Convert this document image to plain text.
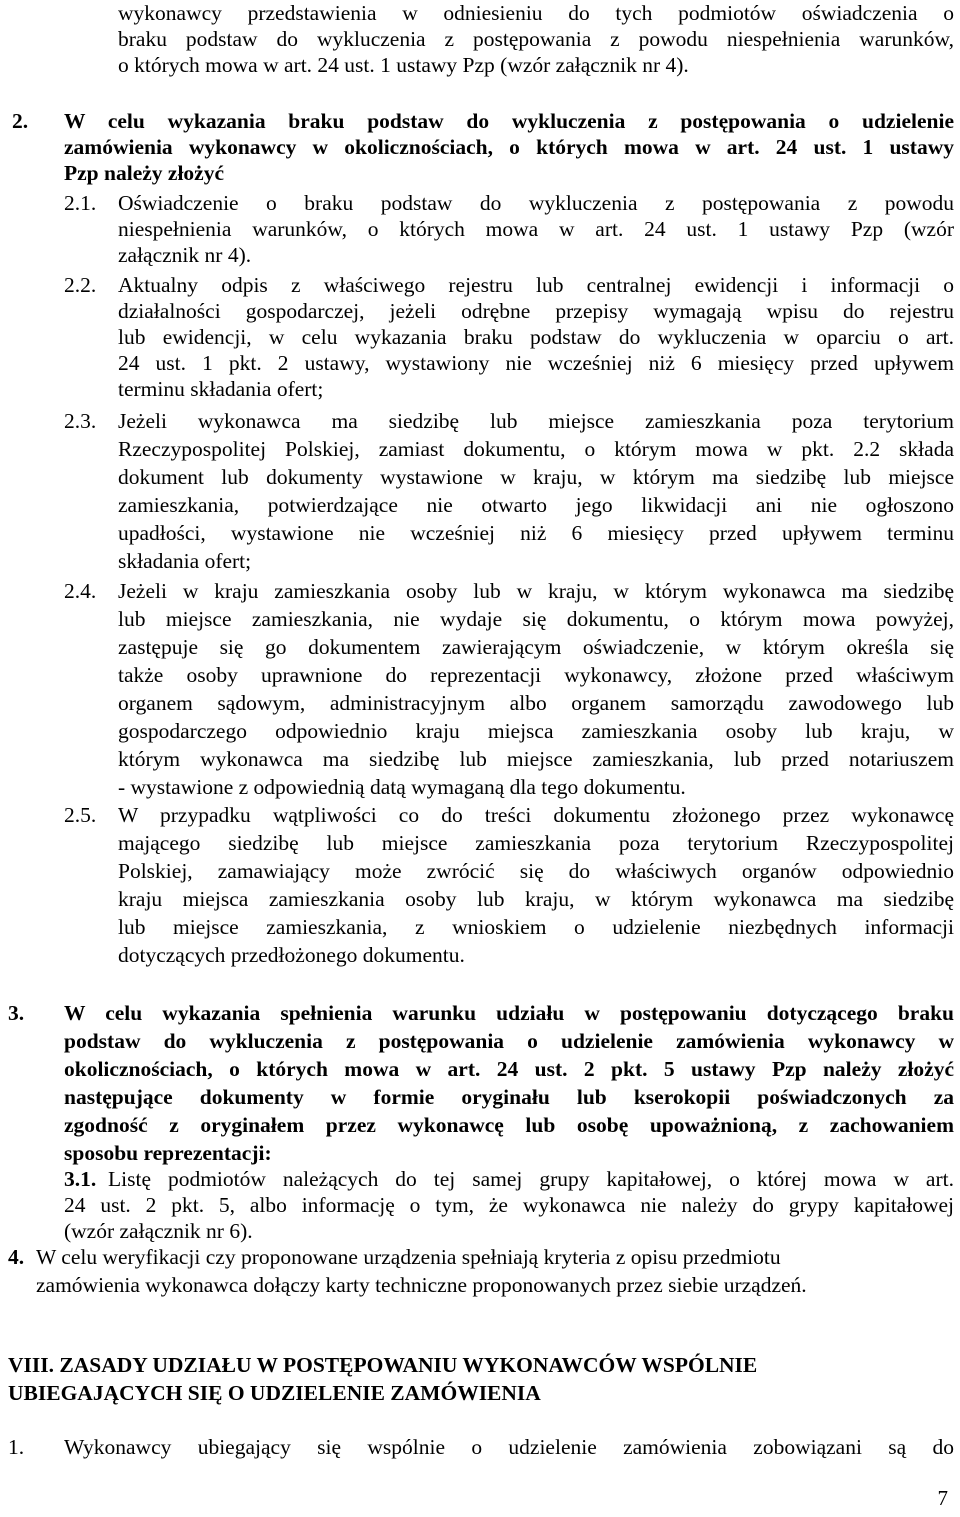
wykonawcy przedstawienia w odniesieniu do tych podmiotów oświadczenia o
braku podstaw do wykluczenia z postępowania z powodu niespełnienia warunków,
o których mowa w art. 24 ust. 1 ustawy Pzp (wzór załącznik nr 4).
2. W celu wykazania braku podstaw do wykluczenia z postępowania o udzielenie
zamówienia wykonawcy w okolicznościach, o których mowa w art. 24 ust. 1 ustawy
Pzp należy złożyć
2.1. Oświadczenie o braku podstaw do wykluczenia z postępowania z powodu
niespełnienia warunków, o których mowa w art. 24 ust. 1 ustawy Pzp (wzór
załącznik nr 4).
2.2. Aktualny odpis z właściwego rejestru lub centralnej ewidencji i informacji o
działalności gospodarczej, jeżeli odrębne przepisy wymagają wpisu do rejestru
lub ewidencji, w celu wykazania braku podstaw do wykluczenia w oparciu o art.
24 ust. 1 pkt. 2 ustawy, wystawiony nie wcześniej niż 6 miesięcy przed upływem
terminu składania ofert;
2.3. Jeżeli wykonawca ma siedzibę lub miejsce zamieszkania poza terytorium
Rzeczypospolitej Polskiej, zamiast dokumentu, o którym mowa w pkt. 2.2 składa
dokument lub dokumenty wystawione w kraju, w którym ma siedzibę lub miejsce
zamieszkania, potwierdzające nie otwarto jego likwidacji ani nie ogłoszono
upadłości, wystawione nie wcześniej niż 6 miesięcy przed upływem terminu
składania ofert;
2.4. Jeżeli w kraju zamieszkania osoby lub w kraju, w którym wykonawca ma siedzibę
lub miejsce zamieszkania, nie wydaje się dokumentu, o którym mowa powyżej,
zastępuje się go dokumentem zawierającym oświadczenie, w którym określa się
także osoby uprawnione do reprezentacji wykonawcy, złożone przed właściwym
organem sądowym, administracyjnym albo organem samorządu zawodowego lub
gospodarczego odpowiednio kraju miejsca zamieszkania osoby lub kraju, w
którym wykonawca ma siedzibę lub miejsce zamieszkania, lub przed notariuszem
- wystawione z odpowiednią datą wymaganą dla tego dokumentu.
2.5. W przypadku wątpliwości co do treści dokumentu złożonego przez wykonawcę
mającego siedzibę lub miejsce zamieszkania poza terytorium Rzeczypospolitej
Polskiej, zamawiający może zwrócić się do właściwych organów odpowiednio
kraju miejsca zamieszkania osoby lub kraju, w którym wykonawca ma siedzibę
lub miejsce zamieszkania, z wnioskiem o udzielenie niezbędnych informacji
dotyczących przedłożonego dokumentu.
3. W celu wykazania spełnienia warunku udziału w postępowaniu dotyczącego braku
podstaw do wykluczenia z postępowania o udzielenie zamówienia wykonawcy w
okolicznościach, o których mowa w art. 24 ust. 2 pkt. 5 ustawy Pzp należy złożyć
następujące dokumenty w formie oryginału lub kserokopii poświadczonych za
zgodność z oryginałem przez wykonawcę lub osobę upoważnioną, z zachowaniem
sposobu reprezentacji:
3.1. Listę podmiotów należących do tej samej grupy kapitałowej, o której mowa w art.
24 ust. 2 pkt. 5, albo informację o tym, że wykonawca nie należy do grypy kapitałowej
(wzór załącznik nr 6).
4. W celu weryfikacji czy proponowane urządzenia spełniają kryteria z opisu przedmiotu
zamówienia wykonawca dołączy karty techniczne proponowanych przez siebie urządzeń.
VIII. ZASADY UDZIAŁU W POSTĘPOWANIU WYKONAWCÓW WSPÓLNIE
UBIEGAJĄCYCH SIĘ O UDZIELENIE ZAMÓWIENIA
1. Wykonawcy ubiegający się wspólnie o udzielenie zamówienia zobowiązani są do
7
